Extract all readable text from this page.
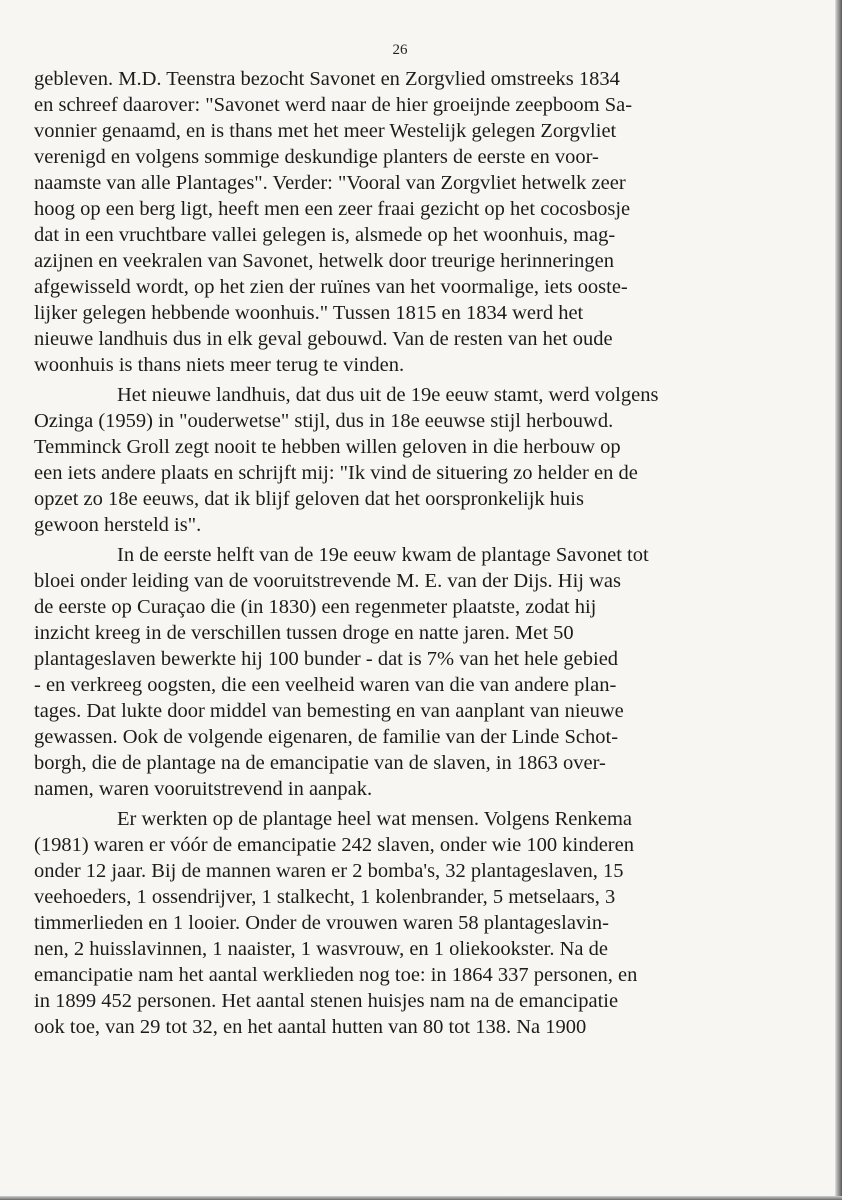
26
gebleven. M.D. Teenstra bezocht Savonet en Zorgvlied omstreeks 1834
en schreef daarover: "Savonet werd naar de hier groeijnde zeepboom Sa-
vonnier genaamd, en is thans met het meer Westelijk gelegen Zorgvliet
verenigd en volgens sommige deskundige planters de eerste en voor-
naamste van alle Plantages". Verder: "Vooral van Zorgvliet hetwelk zeer
hoog op een berg ligt, heeft men een zeer fraai gezicht op het cocosbosje
dat in een vruchtbare vallei gelegen is, alsmede op het woonhuis, mag-
azijnen en veekralen van Savonet, hetwelk door treurige herinneringen
afgewisseld wordt, op het zien der ruïnes van het voormalige, iets ooste-
lijker gelegen hebbende woonhuis." Tussen 1815 en 1834 werd het
nieuwe landhuis dus in elk geval gebouwd. Van de resten van het oude
woonhuis is thans niets meer terug te vinden.
Het nieuwe landhuis, dat dus uit de 19e eeuw stamt, werd volgens
Ozinga (1959) in "ouderwetse" stijl, dus in 18e eeuwse stijl herbouwd.
Temminck Groll zegt nooit te hebben willen geloven in die herbouw op
een iets andere plaats en schrijft mij: "Ik vind de situering zo helder en de
opzet zo 18e eeuws, dat ik blijf geloven dat het oorspronkelijk huis
gewoon hersteld is".
In de eerste helft van de 19e eeuw kwam de plantage Savonet tot
bloei onder leiding van de vooruitstrevende M. E. van der Dijs. Hij was
de eerste op Curaçao die (in 1830) een regenmeter plaatste, zodat hij
inzicht kreeg in de verschillen tussen droge en natte jaren. Met 50
plantageslaven bewerkte hij 100 bunder - dat is 7% van het hele gebied
- en verkreeg oogsten, die een veelheid waren van die van andere plan-
tages. Dat lukte door middel van bemesting en van aanplant van nieuwe
gewassen. Ook de volgende eigenaren, de familie van der Linde Schot-
borgh, die de plantage na de emancipatie van de slaven, in 1863 over-
namen, waren vooruitstrevend in aanpak.
Er werkten op de plantage heel wat mensen. Volgens Renkema
(1981) waren er vóór de emancipatie 242 slaven, onder wie 100 kinderen
onder 12 jaar. Bij de mannen waren er 2 bomba's, 32 plantageslaven, 15
veehoeders, 1 ossendrijver, 1 stalkecht, 1 kolenbrander, 5 metselaars, 3
timmerlieden en 1 looier. Onder de vrouwen waren 58 plantageslavin-
nen, 2 huisslavinnen, 1 naaister, 1 wasvrouw, en 1 oliekookster. Na de
emancipatie nam het aantal werklieden nog toe: in 1864 337 personen, en
in 1899 452 personen. Het aantal stenen huisjes nam na de emancipatie
ook toe, van 29 tot 32, en het aantal hutten van 80 tot 138. Na 1900
